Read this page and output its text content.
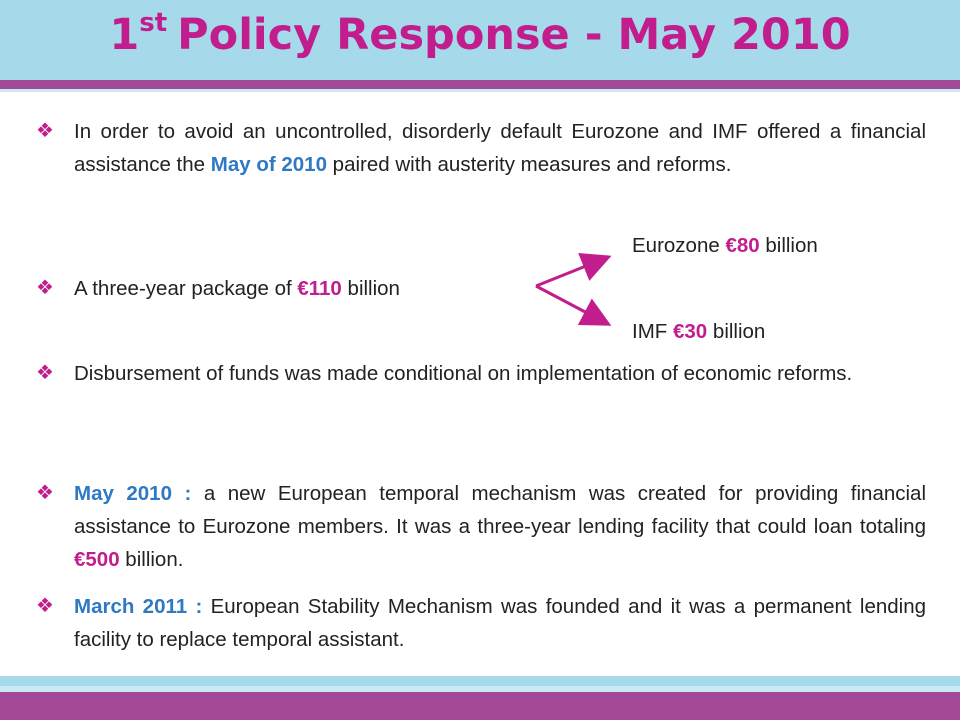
1st Policy Response - May 2010
❖ In order to avoid an uncontrolled, disorderly default Eurozone and IMF offered a financial assistance the May of 2010 paired with austerity measures and reforms.
Eurozone €80 billion
❖ A three-year package of €110 billion
IMF €30 billion
❖ Disbursement of funds was made conditional on implementation of economic reforms.
❖ May 2010 : a new European temporal mechanism was created for providing financial assistance to Eurozone members. It was a three-year lending facility that could loan totaling €500 billion.
❖ March 2011 : European Stability Mechanism was founded and it was a permanent lending facility to replace temporal assistant.
